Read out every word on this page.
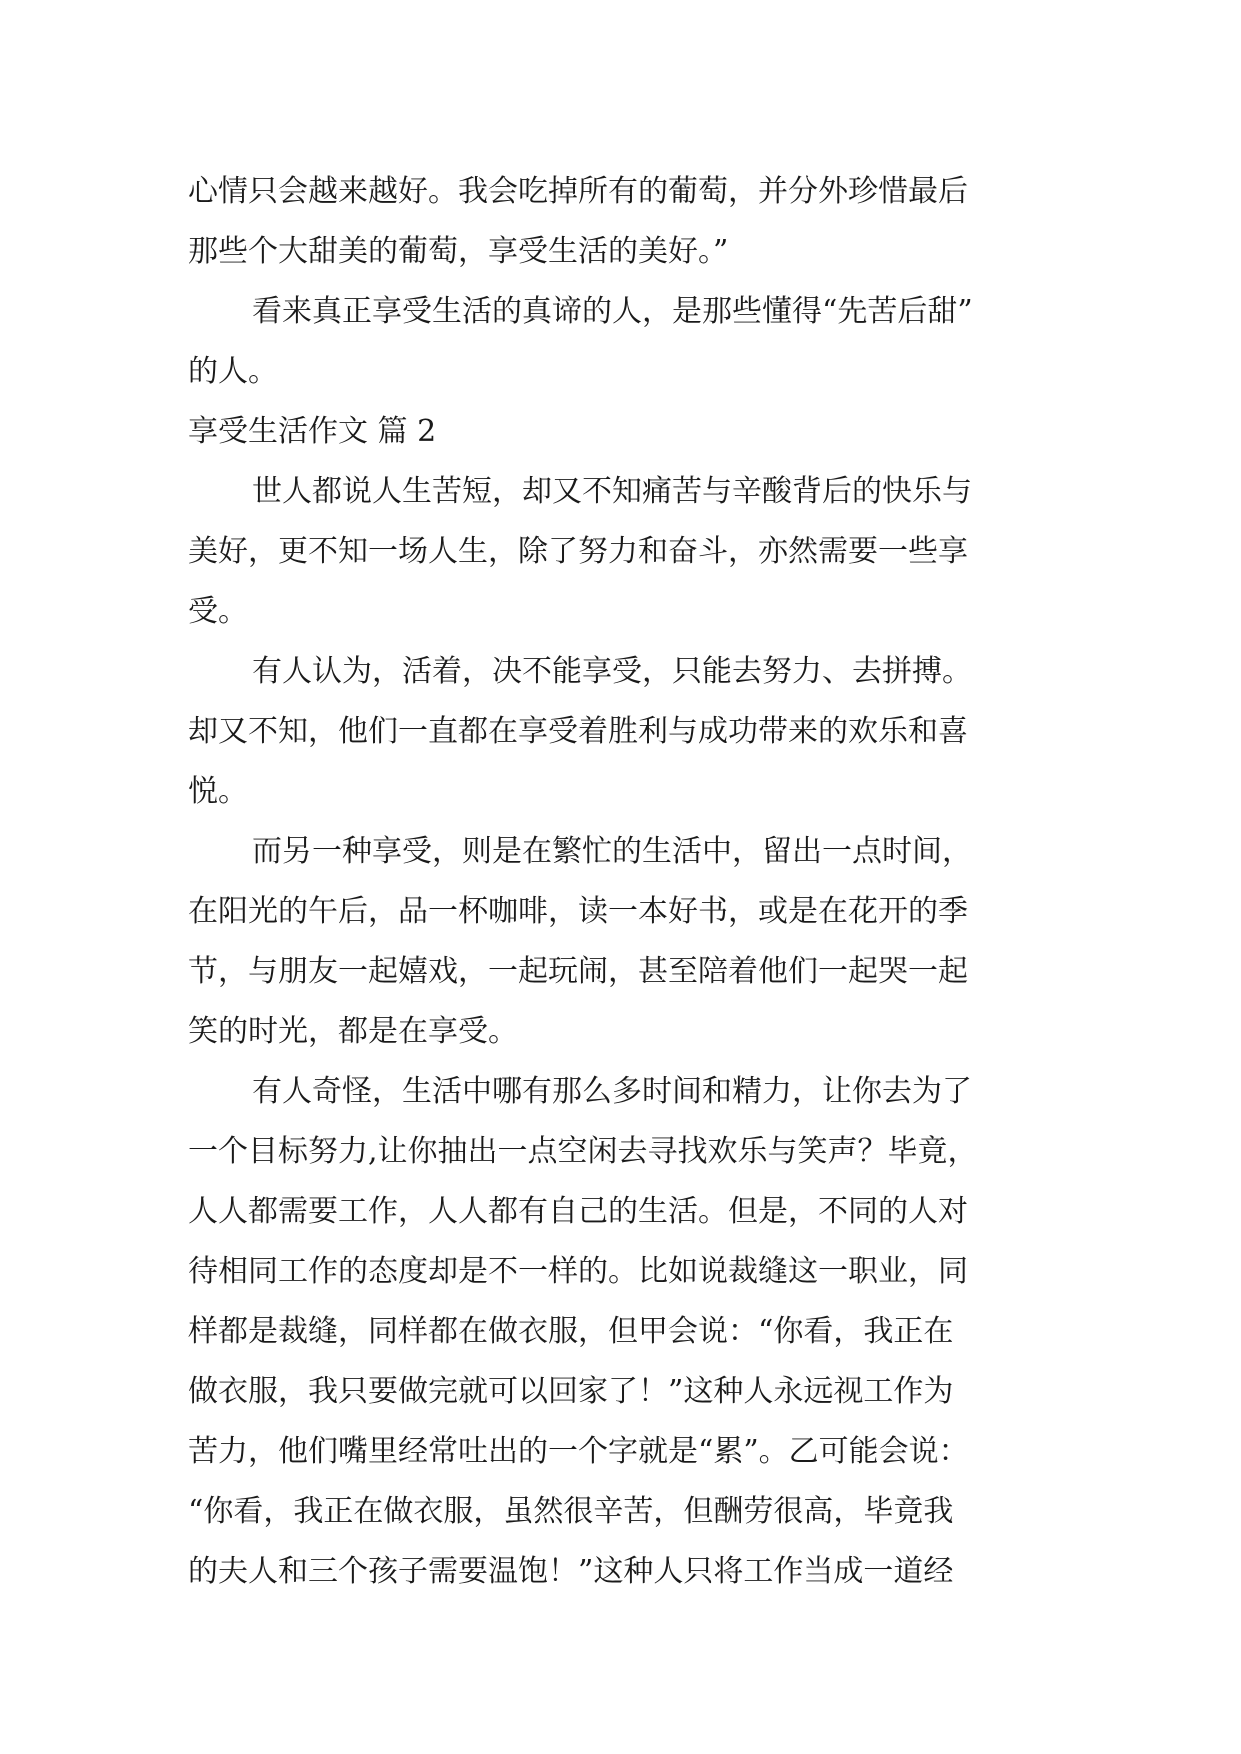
心情只会越来越好。我会吃掉所有的葡萄，并分外珍惜最后
那些个大甜美的葡萄，享受生活的美好。”
看来真正享受生活的真谛的人，是那些懂得“先苦后甜”
的人。
享受生活作文 篇 2
世人都说人生苦短，却又不知痛苦与辛酸背后的快乐与
美好，更不知一场人生，除了努力和奋斗，亦然需要一些享
受。
有人认为，活着，决不能享受，只能去努力、去拼搏。
却又不知，他们一直都在享受着胜利与成功带来的欢乐和喜
悦。
而另一种享受，则是在繁忙的生活中，留出一点时间，
在阳光的午后，品一杯咖啡，读一本好书，或是在花开的季
节，与朋友一起嬉戏，一起玩闹，甚至陪着他们一起哭一起
笑的时光，都是在享受。
有人奇怪，生活中哪有那么多时间和精力，让你去为了
一个目标努力,让你抽出一点空闲去寻找欢乐与笑声？毕竟，
人人都需要工作，人人都有自己的生活。但是，不同的人对
待相同工作的态度却是不一样的。比如说裁缝这一职业，同
样都是裁缝，同样都在做衣服，但甲会说：“你看，我正在
做衣服，我只要做完就可以回家了！”这种人永远视工作为
苦力，他们嘴里经常吐出的一个字就是“累”。乙可能会说：
“你看，我正在做衣服，虽然很辛苦，但酬劳很高，毕竟我
的夫人和三个孩子需要温饱！”这种人只将工作当成一道经
